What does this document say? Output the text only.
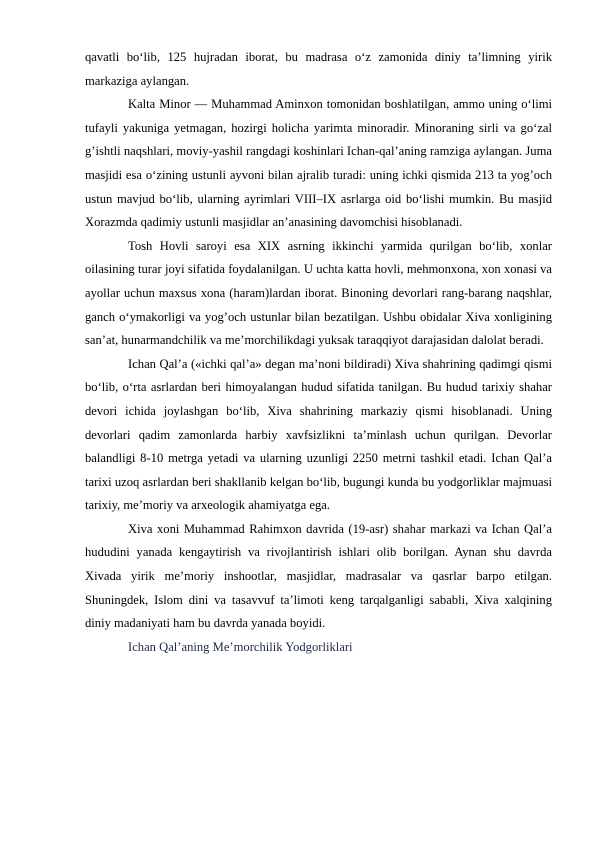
qavatli bo‘lib, 125 hujradan iborat, bu madrasa o‘z zamonida diniy ta’limning yirik markaziga aylangan.

Kalta Minor — Muhammad Aminxon tomonidan boshlatilgan, ammo uning o‘limi tufayli yakuniga yetmagan, hozirgi holicha yarimta minoradir. Minoraning sirli va go‘zal g’ishtli naqshlari, moviy-yashil rangdagi koshinlari Ichan-qal’aning ramziga aylangan. Juma masjidi esa o‘zining ustunli ayvoni bilan ajralib turadi: uning ichki qismida 213 ta yog’och ustun mavjud bo‘lib, ularning ayrimlari VIII–IX asrlarga oid bo‘lishi mumkin. Bu masjid Xorazmda qadimiy ustunli masjidlar an’anasining davomchisi hisoblanadi.

Tosh Hovli saroyi esa XIX asrning ikkinchi yarmida qurilgan bo‘lib, xonlar oilasining turar joyi sifatida foydalanilgan. U uchta katta hovli, mehmonxona, xon xonasi va ayollar uchun maxsus xona (haram)lardan iborat. Binoning devorlari rang-barang naqshlar, ganch o‘ymakorligi va yog’och ustunlar bilan bezatilgan. Ushbu obidalar Xiva xonligining san’at, hunarmandchilik va me’morchilikdagi yuksak taraqqiyot darajasidan dalolat beradi.

Ichan Qal’a («ichki qal’a» degan ma’noni bildiradi) Xiva shahrining qadimgi qismi bo‘lib, o‘rta asrlardan beri himoyalangan hudud sifatida tanilgan. Bu hudud tarixiy shahar devori ichida joylashgan bo‘lib, Xiva shahrining markaziy qismi hisoblanadi. Uning devorlari qadim zamonlarda harbiy xavfsizlikni ta’minlash uchun qurilgan. Devorlar balandligi 8-10 metrga yetadi va ularning uzunligi 2250 metrni tashkil etadi. Ichan Qal’a tarixi uzoq asrlardan beri shakllanib kelgan bo‘lib, bugungi kunda bu yodgorliklar majmuasi tarixiy, me’moriy va arxeologik ahamiyatga ega.

Xiva xoni Muhammad Rahimxon davrida (19-asr) shahar markazi va Ichan Qal’a hududini yanada kengaytirish va rivojlantirish ishlari olib borilgan. Aynan shu davrda Xivada yirik me’moriy inshootlar, masjidlar, madrasalar va qasrlar barpo etilgan. Shuningdek, Islom dini va tasavvuf ta’limoti keng tarqalganligi sababli, Xiva xalqining diniy madaniyati ham bu davrda yanada boyidi.

Ichan Qal’aning Me’morchilik Yodgorliklari
